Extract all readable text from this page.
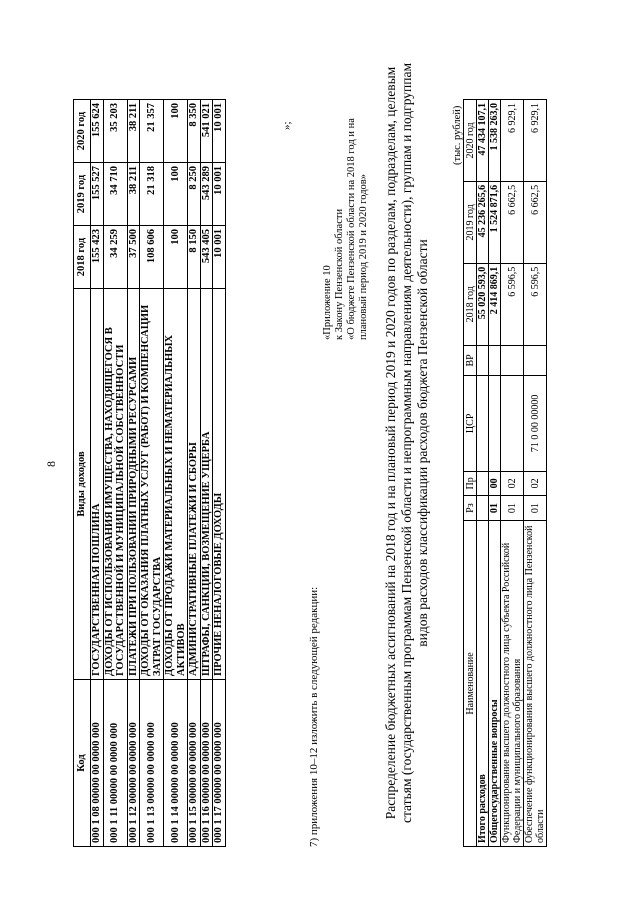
8
Код	Виды доходов	2018 год	2019 год	2020 год
000 1 08 00000 00 0000 000	ГОСУДАРСТВЕННАЯ ПОШЛИНА	155 423	155 527	155 624
000 1 11 00000 00 0000 000	ДОХОДЫ ОТ ИСПОЛЬЗОВАНИЯ ИМУЩЕСТВА, НАХОДЯЩЕГОСЯ В ГОСУДАРСТВЕННОЙ И МУНИЦИПАЛЬНОЙ СОБСТВЕННОСТИ	34 259	34 710	35 203
000 1 12 00000 00 0000 000	ПЛАТЕЖИ ПРИ ПОЛЬЗОВАНИИ ПРИРОДНЫМИ РЕСУРСАМИ	37 500	38 211	38 211
000 1 13 00000 00 0000 000	ДОХОДЫ ОТ ОКАЗАНИЯ ПЛАТНЫХ УСЛУГ (РАБОТ) И КОМПЕНСАЦИИ ЗАТРАТ ГОСУДАРСТВА	108 606	21 318	21 357
000 1 14 00000 00 0000 000	ДОХОДЫ ОТ ПРОДАЖИ МАТЕРИАЛЬНЫХ И НЕМАТЕРИАЛЬНЫХ АКТИВОВ	100	100	100
000 1 15 00000 00 0000 000	АДМИНИСТРАТИВНЫЕ ПЛАТЕЖИ И СБОРЫ	8 150	8 250	8 350
000 1 16 00000 00 0000 000	ШТРАФЫ, САНКЦИИ, ВОЗМЕЩЕНИЕ УЩЕРБА	543 405	543 289	541 021
000 1 17 00000 00 0000 000	ПРОЧИЕ НЕНАЛОГОВЫЕ ДОХОДЫ	10 001	10 001	10 001	»;
7) приложения 10–12 изложить в следующей редакции:
«Приложение 10 к Закону Пензенской области «О бюджете Пензенской области на 2018 год и на плановый период 2019 и 2020 годов» Распределение бюджетных ассигнований на 2018 год и на плановый период 2019 и 2020 годов по разделам, подразделам, целевым статьям (государственным программам Пензенской области и непрограммным направлениям деятельности), группам и подгруппам видов расходов классификации расходов бюджета Пензенской области
(тыс. рублей)
Наименование	Рз	Пр	ЦСР	ВР	2018 год	2019 год	2020 год
Итого расходов					55 020 593,0	45 236 265,6	47 434 107,1
Общегосударственные вопросы	01	00			2 414 869,1	1 524 871,6	1 538 263,0
Функционирование высшего должностного лица субъекта Российской Федерации и муниципального образования	01	02			6 596,5	6 662,5	6 929,1
Обеспечение функционирования высшего должностного лица Пензенской области	01	02	71 0 00 00000		6 596,5	6 662,5	6 929,1
